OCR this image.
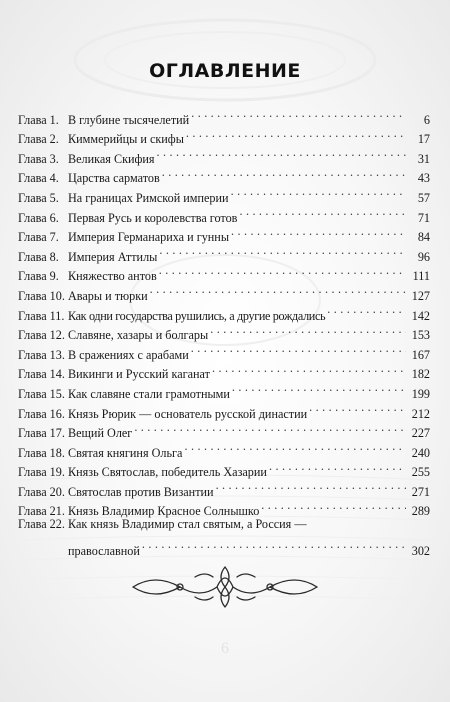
ОГЛАВЛЕНИЕ
Глава 1. В глубине тысячелетий . . .	6
Глава 2. Киммерийцы и скифы . . .	17
Глава 3. Великая Скифия . . .	31
Глава 4. Царства сарматов . . .	43
Глава 5. На границах Римской империи . . .	57
Глава 6. Первая Русь и королевства готов . . .	71
Глава 7. Империя Германариха и гунны . . .	84
Глава 8. Империя Аттилы . . .	96
Глава 9. Княжество антов . . .	111
Глава 10. Авары и тюрки . . .	127
Глава 11. Как одни государства рушились, а другие рождались . . .	142
Глава 12. Славяне, хазары и болгары . . .	153
Глава 13. В сражениях с арабами . . .	167
Глава 14. Викинги и Русский каганат . . .	182
Глава 15. Как славяне стали грамотными . . .	199
Глава 16. Князь Рюрик — основатель русской династии . . .	212
Глава 17. Вещий Олег . . .	227
Глава 18. Святая княгиня Ольга . . .	240
Глава 19. Князь Святослав, победитель Хазарии . . .	255
Глава 20. Святослав против Византии . . .	271
Глава 21. Князь Владимир Красное Солнышко . . .	289
Глава 22. Как князь Владимир стал святым, а Россия —
православной . . .	302
6
